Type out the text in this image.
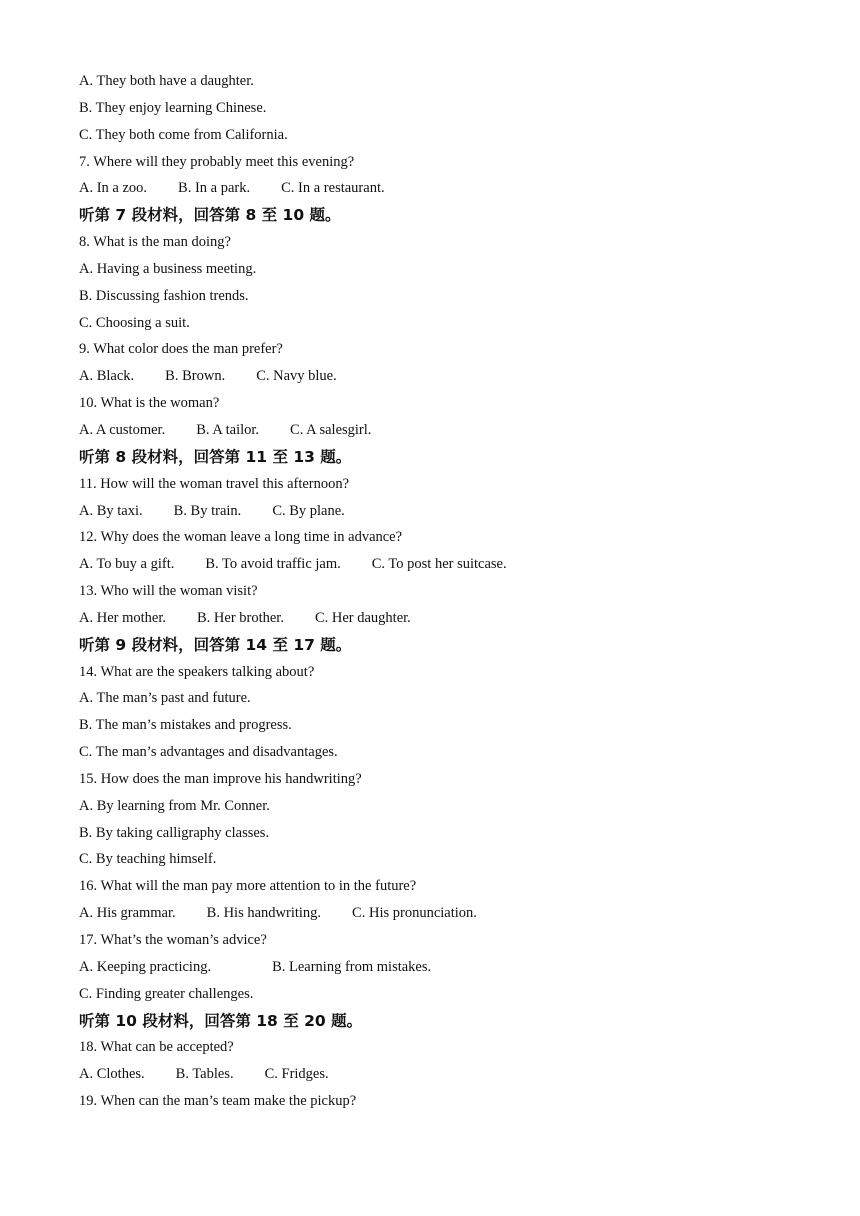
A. They both have a daughter.
B. They enjoy learning Chinese.
C. They both come from California.
7. Where will they probably meet this evening?
A. In a zoo. B. In a park. C. In a restaurant.
听第 7 段材料，回答第 8 至 10 题。
8. What is the man doing?
A. Having a business meeting.
B. Discussing fashion trends.
C. Choosing a suit.
9. What color does the man prefer?
A. Black. B. Brown. C. Navy blue.
10. What is the woman?
A. A customer. B. A tailor. C. A salesgirl.
听第 8 段材料，回答第 11 至 13 题。
11. How will the woman travel this afternoon?
A. By taxi. B. By train. C. By plane.
12. Why does the woman leave a long time in advance?
A. To buy a gift. B. To avoid traffic jam. C. To post her suitcase.
13. Who will the woman visit?
A. Her mother. B. Her brother. C. Her daughter.
听第 9 段材料，回答第 14 至 17 题。
14. What are the speakers talking about?
A. The man’s past and future.
B. The man’s mistakes and progress.
C. The man’s advantages and disadvantages.
15. How does the man improve his handwriting?
A. By learning from Mr. Conner.
B. By taking calligraphy classes.
C. By teaching himself.
16. What will the man pay more attention to in the future?
A. His grammar. B. His handwriting. C. His pronunciation.
17. What’s the woman’s advice?
A. Keeping practicing.	B. Learning from mistakes.
C. Finding greater challenges.
听第 10 段材料，回答第 18 至 20 题。
18. What can be accepted?
A. Clothes. B. Tables. C. Fridges.
19. When can the man’s team make the pickup?
